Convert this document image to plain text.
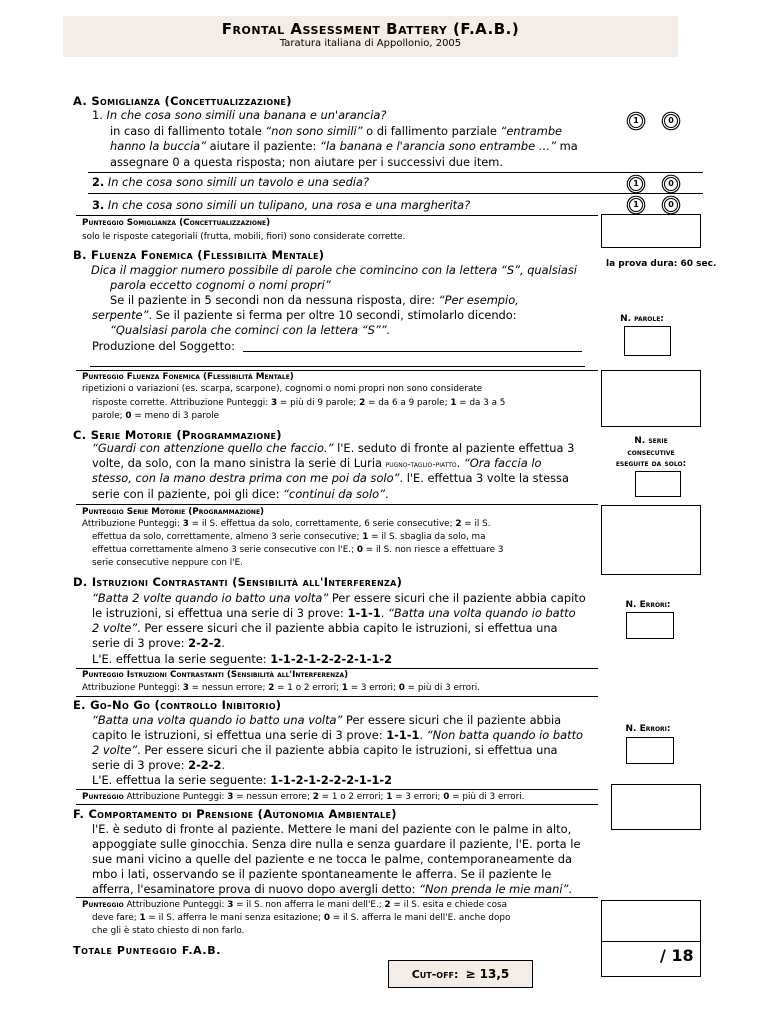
Frontal Assessment Battery (F.A.B.)
Taratura italiana di Appollonio, 2005
A. Somiglianza (Concettualizzazione)
1. In che cosa sono simili una banana e un'arancia?
in caso di fallimento totale “non sono simili” o di fallimento parziale “entrambe
hanno la buccia” aiutare il paziente: “la banana e l'arancia sono entrambe …” ma
assegnare 0 a questa risposta; non aiutare per i successivi due item.
1	0
2. In che cosa sono simili un tavolo e una sedia?	1	0
3. In che cosa sono simili un tulipano, una rosa e una margherita?	1	0
Punteggio Somiglianza (Concettualizzazione)
solo le risposte categoriali (frutta, mobili, fiori) sono considerate corrette.
B. Fluenza Fonemica (Flessibilità Mentale)
la prova dura: 60 sec.
Dica il maggior numero possibile di parole che comincino con la lettera “S”, qualsiasi
parola eccetto cognomi o nomi propri”
Se il paziente in 5 secondi non da nessuna risposta, dire: “Per esempio,
serpente”. Se il paziente si ferma per oltre 10 secondi, stimolarlo dicendo:
“Qualsiasi parola che cominci con la lettera “S””.
Produzione del Soggetto:
N. parole:
Punteggio Fluenza Fonemica (Flessibilità Mentale)
ripetizioni o variazioni (es. scarpa, scarpone), cognomi o nomi propri non sono considerate
risposte corrette. Attribuzione Punteggi: 3 = più di 9 parole; 2 = da 6 a 9 parole; 1 = da 3 a 5
parole; 0 = meno di 3 parole
C. Serie Motorie (Programmazione)	N. serie
consecutive
eseguite da solo:
“Guardi con attenzione quello che faccio.” l'E. seduto di fronte al paziente effettua 3
volte, da solo, con la mano sinistra la serie di Luria pugno-taglio-piatto. “Ora faccia lo
stesso, con la mano destra prima con me poi da solo”. l'E. effettua 3 volte la stessa
serie con il paziente, poi gli dice: “continui da solo”.
Punteggio Serie Motorie (Programmazione)
Attribuzione Punteggi: 3 = il S. effettua da solo, correttamente, 6 serie consecutive; 2 = il S.
effettua da solo, correttamente, almeno 3 serie consecutive; 1 = il S. sbaglia da solo, ma
effettua correttamente almeno 3 serie consecutive con l'E.; 0 = il S. non riesce a effettuare 3
serie consecutive neppure con l'E.
D. Istruzioni Contrastanti (Sensibilità all'Interferenza)
N. Errori:
“Batta 2 volte quando io batto una volta” Per essere sicuri che il paziente abbia capito
le istruzioni, si effettua una serie di 3 prove: 1-1-1. “Batta una volta quando io batto
2 volte”. Per essere sicuri che il paziente abbia capito le istruzioni, si effettua una
serie di 3 prove: 2-2-2.
L'E. effettua la serie seguente: 1-1-2-1-2-2-2-1-1-2
Punteggio Istruzioni Contrastanti (Sensibilità all'Interferenza)
Attribuzione Punteggi: 3 = nessun errore; 2 = 1 o 2 errori; 1 = 3 errori; 0 = più di 3 errori.
E. Go-No Go (controllo Inibitorio)
N. Errori:
“Batta una volta quando io batto una volta” Per essere sicuri che il paziente abbia
capito le istruzioni, si effettua una serie di 3 prove: 1-1-1. “Non batta quando io batto
2 volte”. Per essere sicuri che il paziente abbia capito le istruzioni, si effettua una
serie di 3 prove: 2-2-2.
L'E. effettua la serie seguente: 1-1-2-1-2-2-2-1-1-2
Punteggio Attribuzione Punteggi: 3 = nessun errore; 2 = 1 o 2 errori; 1 = 3 errori; 0 = più di 3 errori.
F. Comportamento di Prensione (Autonomia Ambientale)
l'E. è seduto di fronte al paziente. Mettere le mani del paziente con le palme in alto,
appoggiate sulle ginocchia. Senza dire nulla e senza guardare il paziente, l'E. porta le
sue mani vicino a quelle del paziente e ne tocca le palme, contemporaneamente da
mbo i lati, osservando se il paziente spontaneamente le afferra. Se il paziente le
afferra, l'esaminatore prova di nuovo dopo avergli detto: “Non prenda le mie mani”.
Punteggio Attribuzione Punteggi: 3 = il S. non afferra le mani dell'E.; 2 = il S. esita e chiede cosa
deve fare; 1 = il S. afferra le mani senza esitazione; 0 = il S. afferra le mani dell'E. anche dopo
che gli è stato chiesto di non farlo.
Totale Punteggio F.A.B.	/ 18
Cut-off: ≥ 13,5
